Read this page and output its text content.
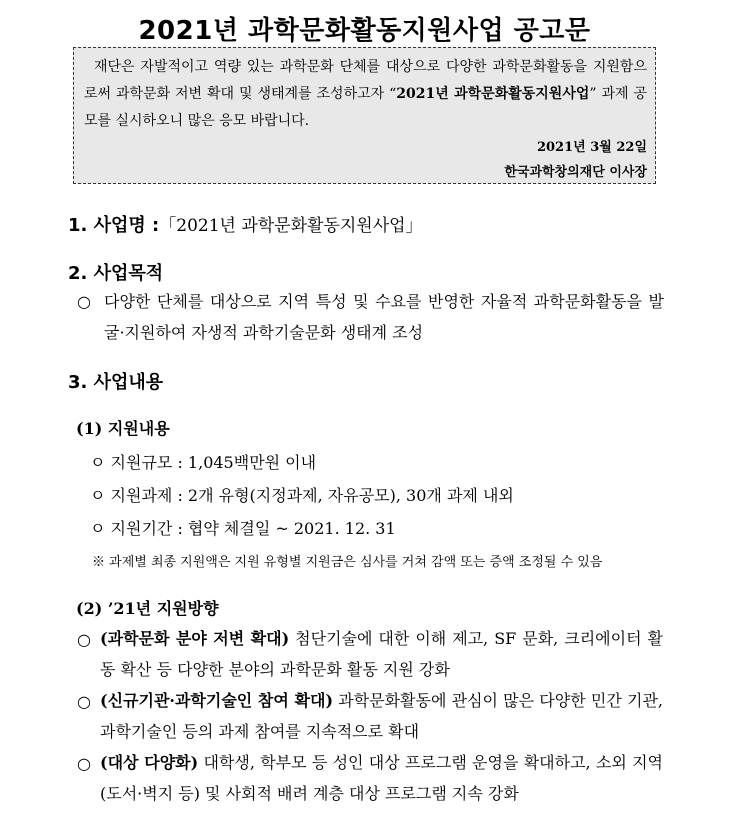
2021년 과학문화활동지원사업 공고문

재단은 자발적이고 역량 있는 과학문화 단체를 대상으로 다양한 과학문화활동을 지원함으로써 과학문화 저변 확대 및 생태계를 조성하고자 “2021년 과학문화활동지원사업” 과제 공모를 실시하오니 많은 응모 바랍니다.

2021년 3월 22일
한국과학창의재단 이사장
1. 사업명 :「2021년 과학문화활동지원사업」
2. 사업목적
○ 다양한 단체를 대상으로 지역 특성 및 수요를 반영한 자율적 과학문화활동을 발굴·지원하여 자생적 과학기술문화 생태계 조성
3. 사업내용
(1) 지원내용
ㅇ 지원규모 : 1,045백만원 이내
ㅇ 지원과제 : 2개 유형(지정과제, 자유공모), 30개 과제 내외
ㅇ 지원기간 : 협약 체결일 ~ 2021. 12. 31
※ 과제별 최종 지원액은 지원 유형별 지원금은 심사를 거쳐 감액 또는 증액 조정될 수 있음
(2) ’21년 지원방향
○ (과학문화 분야 저변 확대) 첨단기술에 대한 이해 제고, SF 문화, 크리에이터 활동 확산 등 다양한 분야의 과학문화 활동 지원 강화
○ (신규기관·과학기술인 참여 확대) 과학문화활동에 관심이 많은 다양한 민간 기관, 과학기술인 등의 과제 참여를 지속적으로 확대
○ (대상 다양화) 대학생, 학부모 등 성인 대상 프로그램 운영을 확대하고, 소외 지역(도서·벽지 등) 및 사회적 배려 계층 대상 프로그램 지속 강화
